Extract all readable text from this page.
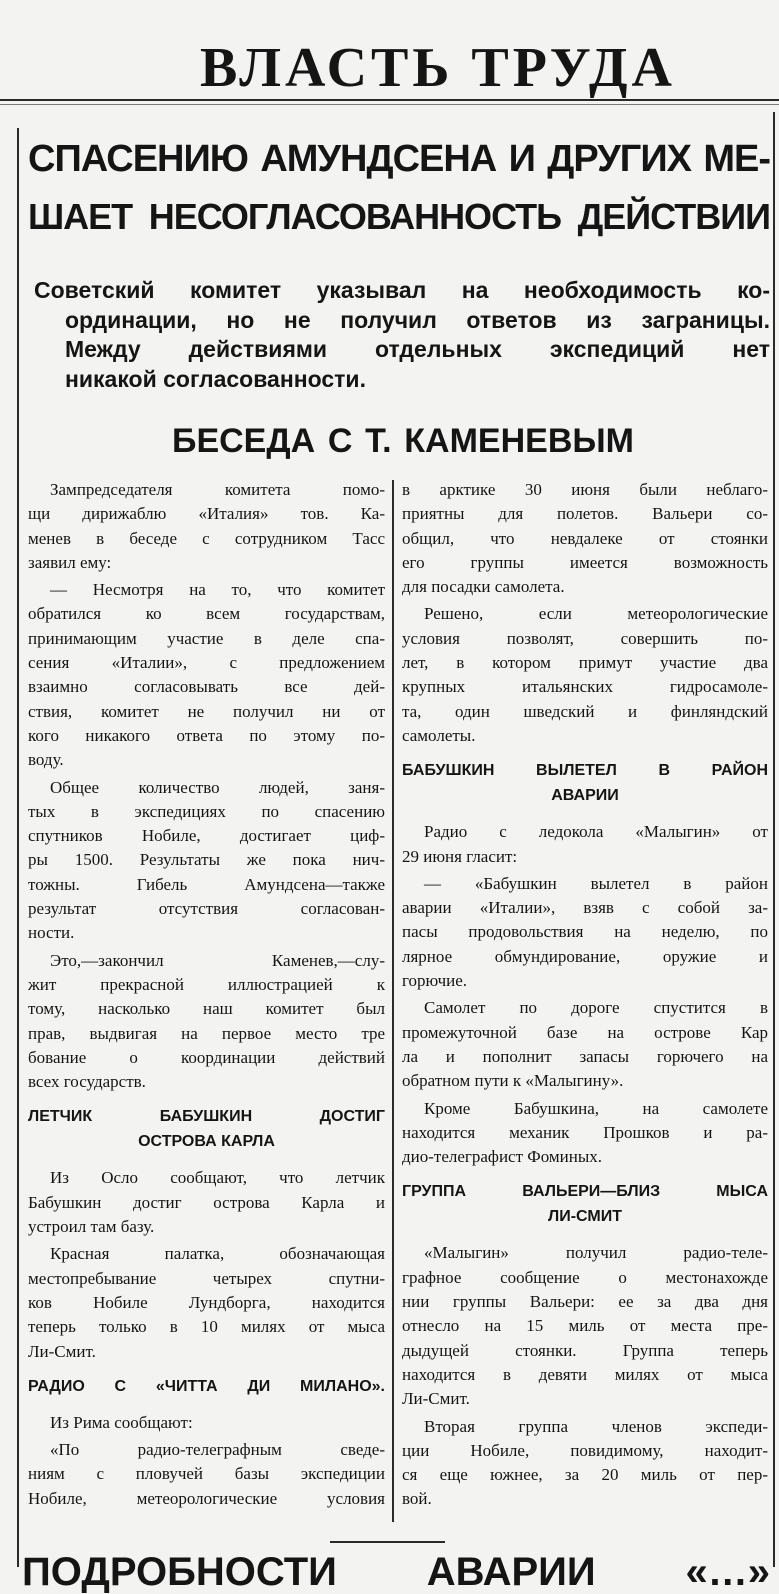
ВЛАСТЬ ТРУДА
СПАСЕНИЮ АМУНДСЕНА И ДРУГИХ МЕ-
ШАЕТ НЕСОГЛАСОВАННОСТЬ ДЕЙСТВИИ
Советский комитет указывал на необходимость ко-
ординации, но не получил ответов из заграницы.
Между действиями отдельных экспедиций нет
никакой согласованности.
БЕСЕДА С Т. КАМЕНЕВЫМ
Зампредседателя комитета помо-
щи дирижаблю «Италия» тов. Ка-
менев в беседе с сотрудником Тасс
заявил ему:
— Несмотря на то, что комитет
обратился ко всем государствам,
принимающим участие в деле спа-
сения «Италии», с предложением
взаимно согласовывать все дей-
ствия, комитет не получил ни от
кого никакого ответа по этому по-
воду.
Общее количество людей, заня-
тых в экспедициях по спасению
спутников Нобиле, достигает циф-
ры 1500. Результаты же пока нич-
тожны. Гибель Амундсена—также
результат отсутствия согласован-
ности.
Это,—закончил Каменев,—слу-
жит прекрасной иллюстрацией к
тому, насколько наш комитет был
прав, выдвигая на первое место тре
бование о координации действий
всех государств.
ЛЕТЧИК БАБУШКИН ДОСТИГ
ОСТРОВА КАРЛА
Из Осло сообщают, что летчик
Бабушкин достиг острова Карла и
устроил там базу.
Красная палатка, обозначающая
местопребывание четырех спутни-
ков Нобиле Лундборга, находится
теперь только в 10 милях от мыса
Ли-Смит.
РАДИО С «ЧИТТА ДИ МИЛАНО».
Из Рима сообщают:
«По радио-телеграфным сведе-
ниям с пловучей базы экспедиции
Нобиле, метеорологические условия
в арктике 30 июня были неблаго-
приятны для полетов. Вальери со-
общил, что невдалеке от стоянки
его группы имеется возможность
для посадки самолета.
Решено, если метеорологические
условия позволят, совершить по-
лет, в котором примут участие два
крупных итальянских гидросамоле-
та, один шведский и финляндский
самолеты.
БАБУШКИН ВЫЛЕТЕЛ В РАЙОН
АВАРИИ
Радио с ледокола «Малыгин» от
29 июня гласит:
— «Бабушкин вылетел в район
аварии «Италии», взяв с собой за-
пасы продовольствия на неделю, по
лярное обмундирование, оружие и
горючие.
Самолет по дороге спустится в
промежуточной базе на острове Кар
ла и пополнит запасы горючего на
обратном пути к «Малыгину».
Кроме Бабушкина, на самолете
находится механик Прошков и ра-
дио-телеграфист Фоминых.
ГРУППА ВАЛЬЕРИ—БЛИЗ МЫСА
ЛИ-СМИТ
«Малыгин» получил радио-теле-
графное сообщение о местонахожде
нии группы Вальери: ее за два дня
отнесло на 15 миль от места пре-
дыдущей стоянки. Группа теперь
находится в девяти милях от мыса
Ли-Смит.
Вторая группа членов экспеди-
ции Нобиле, повидимому, находит-
ся еще южнее, за 20 миль от пер-
вой.
ПОДРОБНОСТИ АВАРИИ «…»
